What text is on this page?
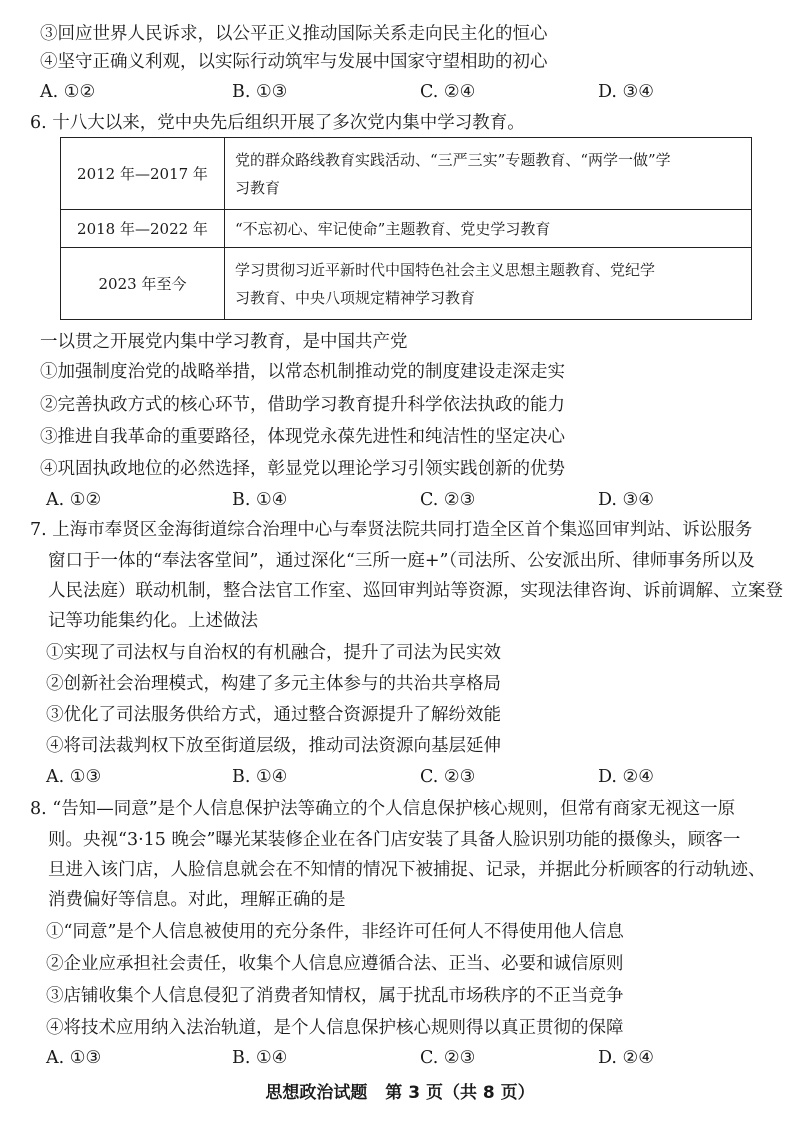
③回应世界人民诉求，以公平正义推动国际关系走向民主化的恒心
④坚守正确义利观，以实际行动筑牢与发展中国家守望相助的初心
A. ①②	B. ①③	C. ②④	D. ③④
6. 十八大以来，党中央先后组织开展了多次党内集中学习教育。
2012 年—2017 年	党的群众路线教育实践活动、“三严三实”专题教育、“两学一做”学
习教育

2018 年—2022 年	“不忘初心、牢记使命”主题教育、党史学习教育

2023 年至今	学习贯彻习近平新时代中国特色社会主义思想主题教育、党纪学
习教育、中央八项规定精神学习教育
一以贯之开展党内集中学习教育，是中国共产党
①加强制度治党的战略举措，以常态机制推动党的制度建设走深走实
②完善执政方式的核心环节，借助学习教育提升科学依法执政的能力
③推进自我革命的重要路径，体现党永葆先进性和纯洁性的坚定决心
④巩固执政地位的必然选择，彰显党以理论学习引领实践创新的优势
A. ①②	B. ①④	C. ②③	D. ③④
7. 上海市奉贤区金海街道综合治理中心与奉贤法院共同打造全区首个集巡回审判站、诉讼服务
窗口于一体的“奉法客堂间”，通过深化“三所一庭+”（司法所、公安派出所、律师事务所以及
人民法庭）联动机制，整合法官工作室、巡回审判站等资源，实现法律咨询、诉前调解、立案登
记等功能集约化。上述做法
①实现了司法权与自治权的有机融合，提升了司法为民实效
②创新社会治理模式，构建了多元主体参与的共治共享格局
③优化了司法服务供给方式，通过整合资源提升了解纷效能
④将司法裁判权下放至街道层级，推动司法资源向基层延伸
A. ①③	B. ①④	C. ②③	D. ②④
8. “告知—同意”是个人信息保护法等确立的个人信息保护核心规则，但常有商家无视这一原
则。央视“3·15 晚会”曝光某装修企业在各门店安装了具备人脸识别功能的摄像头，顾客一
旦进入该门店，人脸信息就会在不知情的情况下被捕捉、记录，并据此分析顾客的行动轨迹、
消费偏好等信息。对此，理解正确的是
①“同意”是个人信息被使用的充分条件，非经许可任何人不得使用他人信息
②企业应承担社会责任，收集个人信息应遵循合法、正当、必要和诚信原则
③店铺收集个人信息侵犯了消费者知情权，属于扰乱市场秩序的不正当竞争
④将技术应用纳入法治轨道，是个人信息保护核心规则得以真正贯彻的保障
A. ①③	B. ①④	C. ②③	D. ②④
思想政治试题 第 3 页（共 8 页）
